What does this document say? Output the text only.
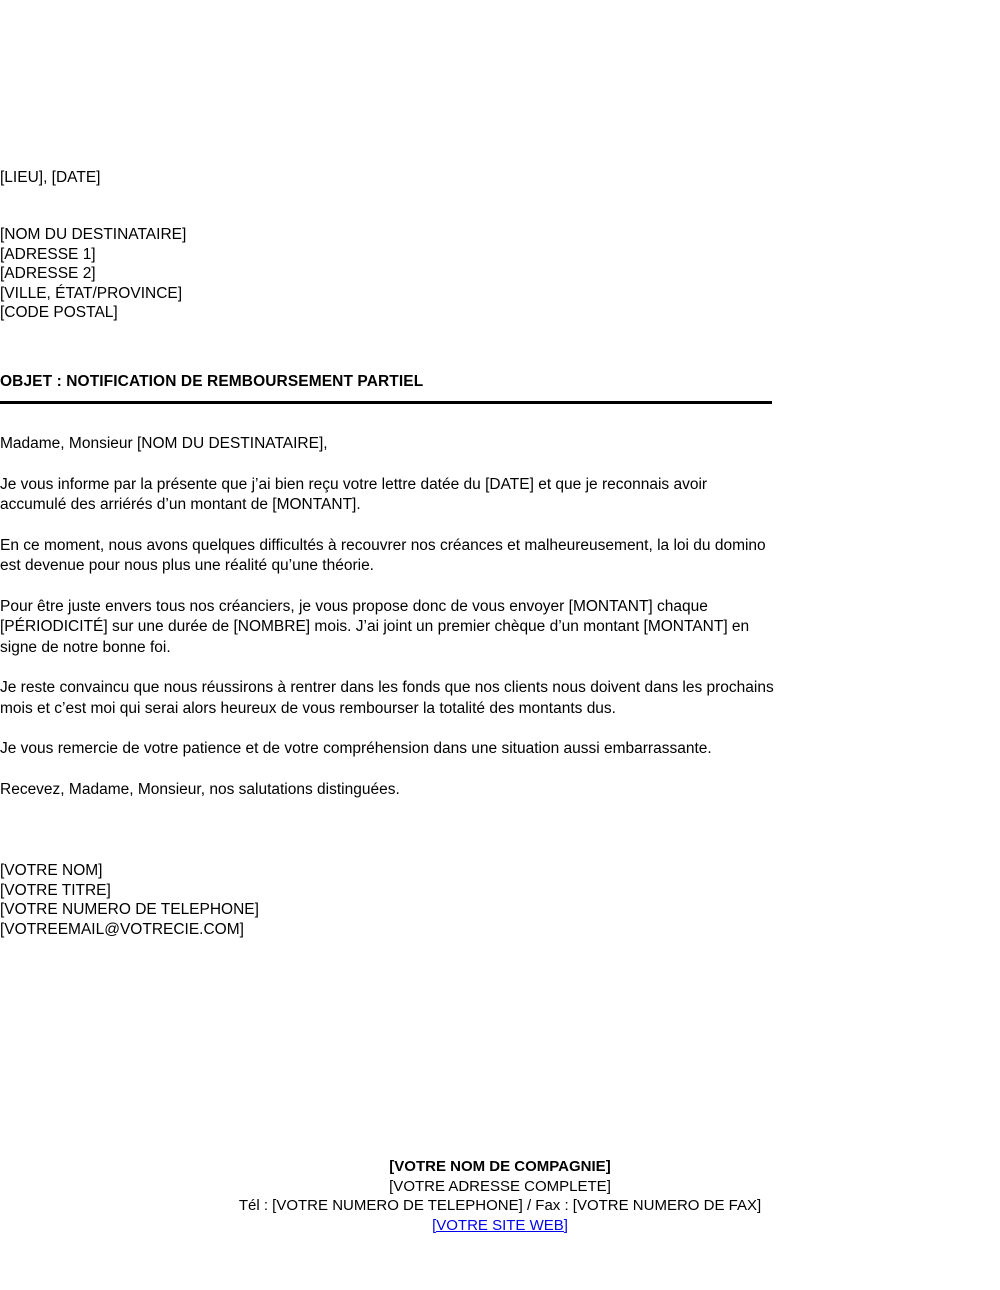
[LIEU], [DATE]
[NOM DU DESTINATAIRE]
[ADRESSE 1]
[ADRESSE 2]
[VILLE, ÉTAT/PROVINCE]
[CODE POSTAL]
OBJET : NOTIFICATION DE REMBOURSEMENT PARTIEL

Madame, Monsieur [NOM DU DESTINATAIRE],

Je vous informe par la présente que j’ai bien reçu votre lettre datée du [DATE] et que je reconnais avoir accumulé des arriérés d’un montant de [MONTANT].

En ce moment, nous avons quelques difficultés à recouvrer nos créances et malheureusement, la loi du domino est devenue pour nous plus une réalité qu’une théorie.

Pour être juste envers tous nos créanciers, je vous propose donc de vous envoyer [MONTANT] chaque [PÉRIODICITÉ] sur une durée de [NOMBRE] mois. J’ai joint un premier chèque d’un montant [MONTANT] en signe de notre bonne foi.

Je reste convaincu que nous réussirons à rentrer dans les fonds que nos clients nous doivent dans les prochains mois et c’est moi qui serai alors heureux de vous rembourser la totalité des montants dus.

Je vous remercie de votre patience et de votre compréhension dans une situation aussi embarrassante.

Recevez, Madame, Monsieur, nos salutations distinguées.

[VOTRE NOM]
[VOTRE TITRE]
[VOTRE NUMERO DE TELEPHONE]
[VOTREEMAIL@VOTRECIE.COM]
[VOTRE NOM DE COMPAGNIE]
[VOTRE ADRESSE COMPLETE]
Tél : [VOTRE NUMERO DE TELEPHONE] / Fax : [VOTRE NUMERO DE FAX]
[VOTRE SITE WEB]
